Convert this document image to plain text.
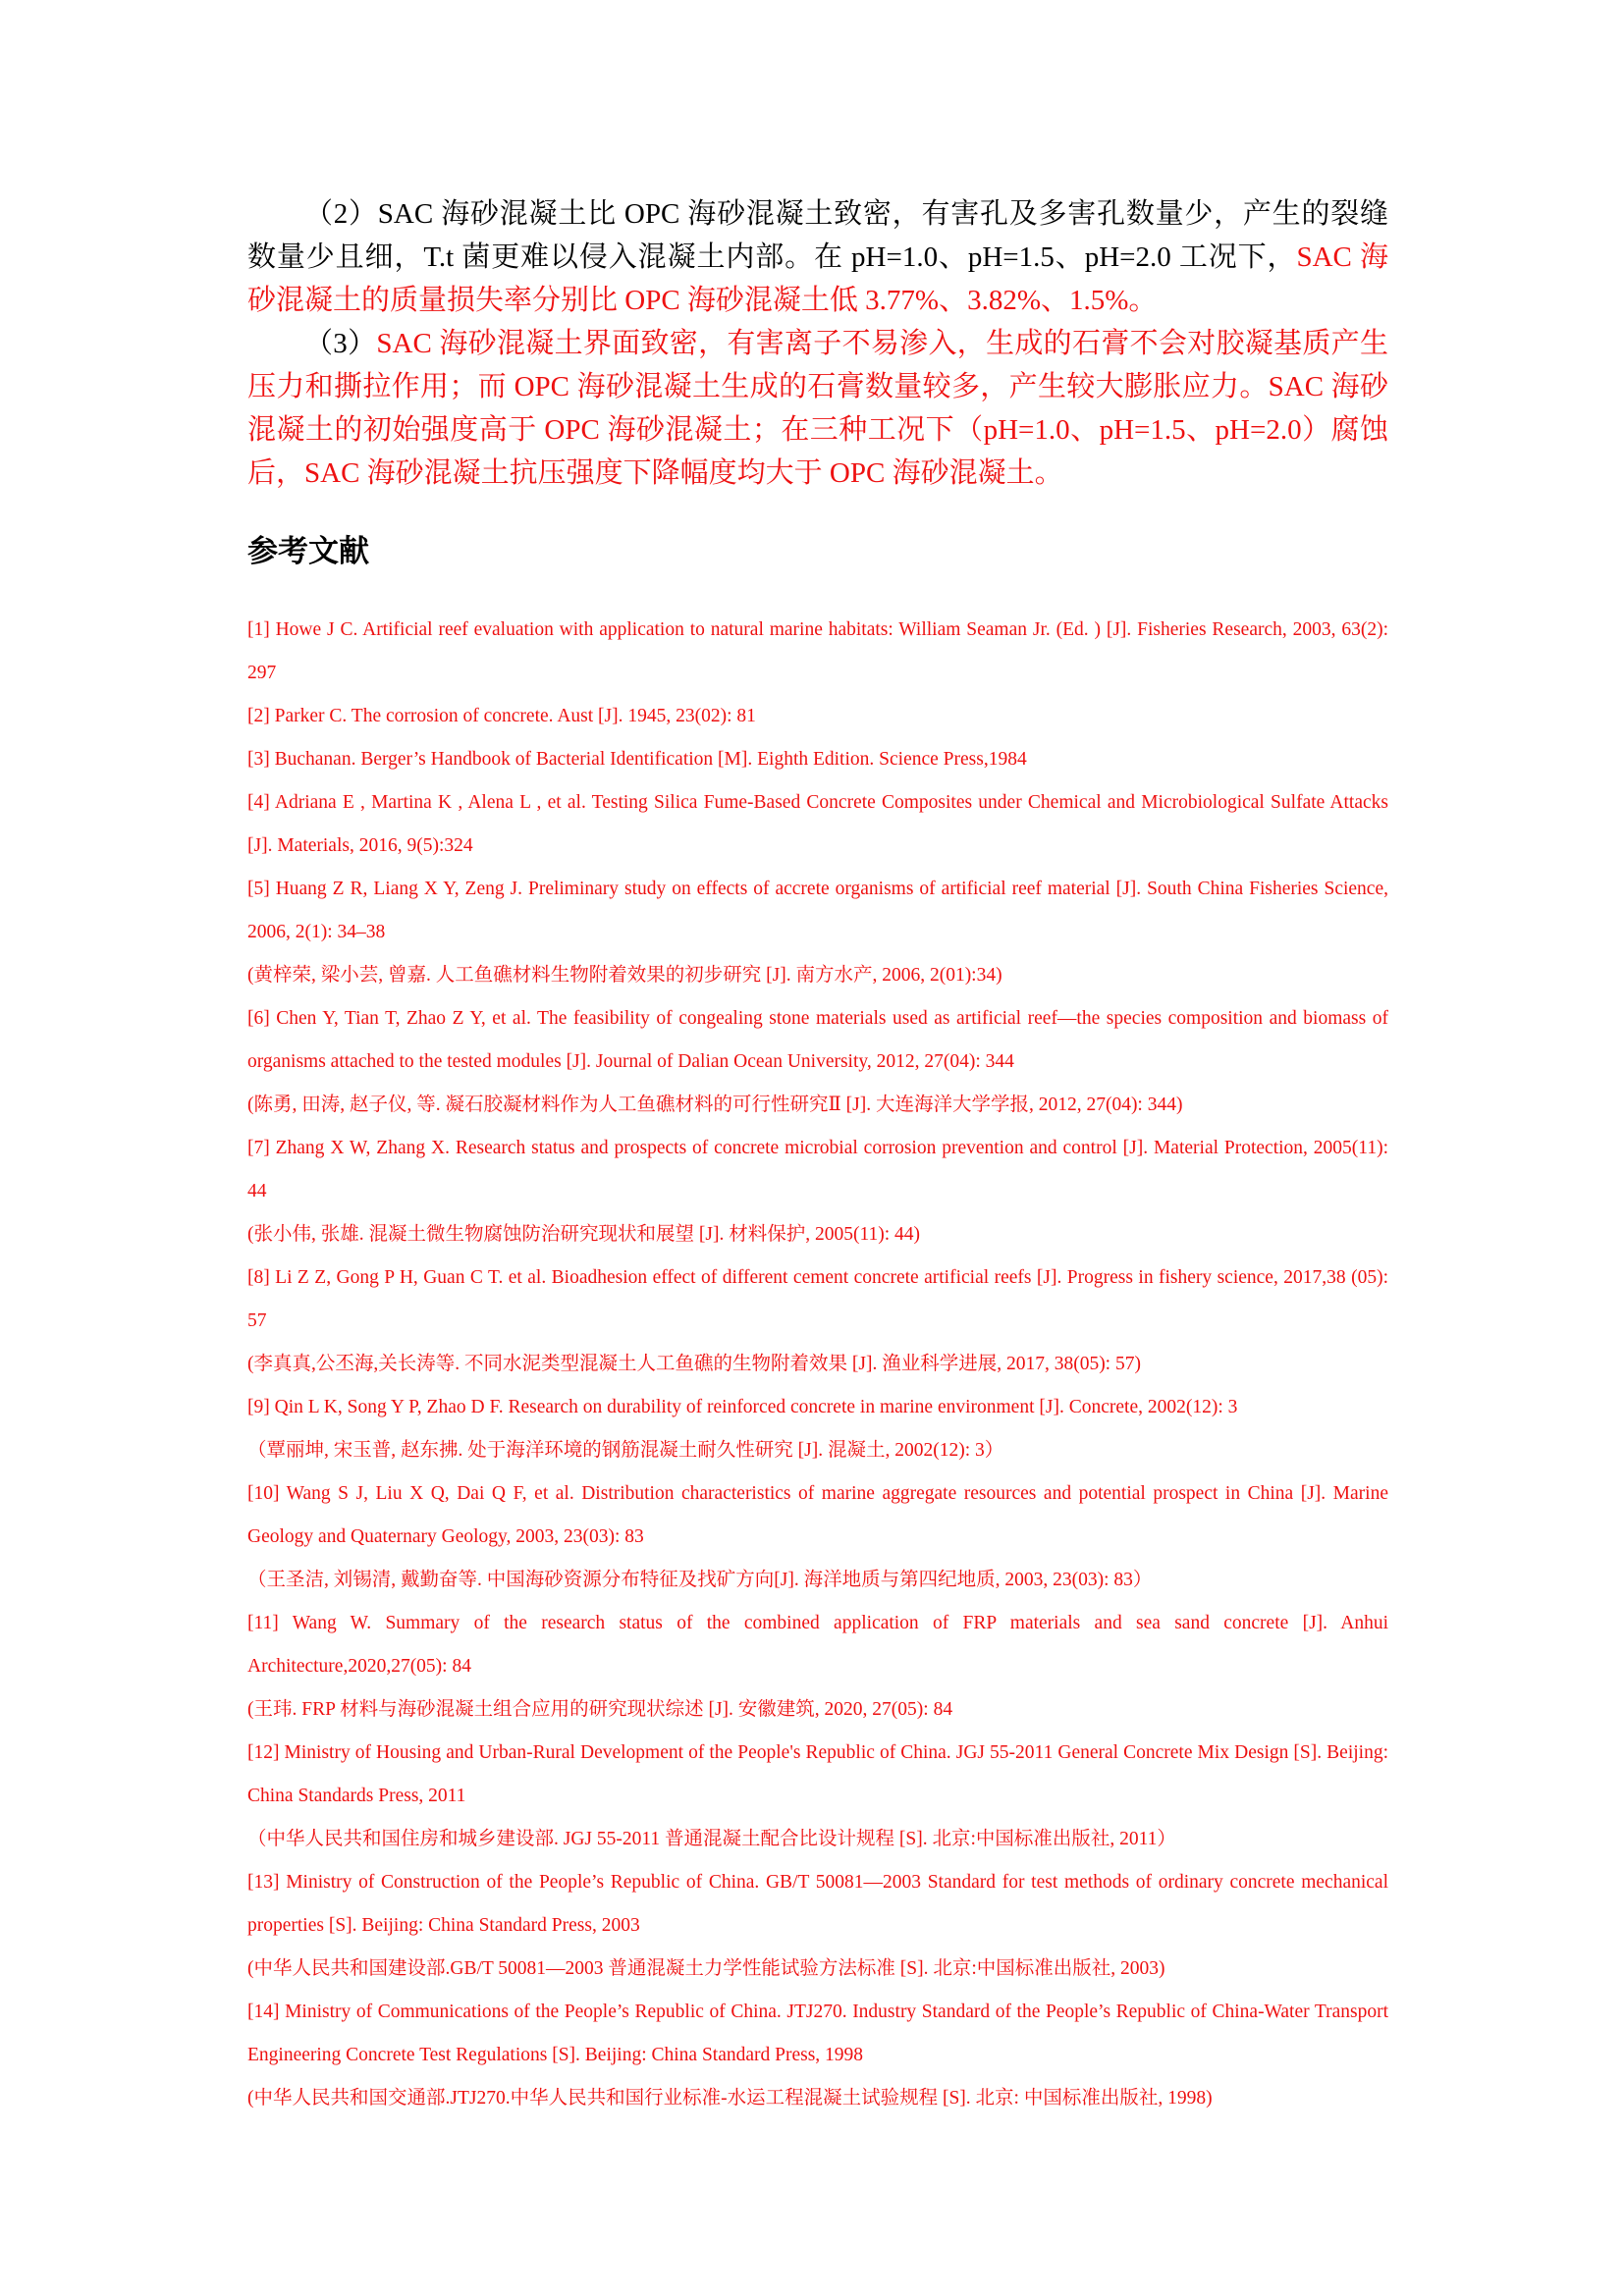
（2）SAC 海砂混凝土比 OPC 海砂混凝土致密，有害孔及多害孔数量少，产生的裂缝数量少且细，T.t 菌更难以侵入混凝土内部。在 pH=1.0、pH=1.5、pH=2.0 工况下，SAC 海砂混凝土的质量损失率分别比 OPC 海砂混凝土低 3.77%、3.82%、1.5%。

（3）SAC 海砂混凝土界面致密，有害离子不易渗入，生成的石膏不会对胶凝基质产生压力和撕拉作用；而 OPC 海砂混凝土生成的石膏数量较多，产生较大膨胀应力。SAC 海砂混凝土的初始强度高于 OPC 海砂混凝土；在三种工况下（pH=1.0、pH=1.5、pH=2.0）腐蚀后，SAC 海砂混凝土抗压强度下降幅度均大于 OPC 海砂混凝土。

参考文献

[1] Howe J C. Artificial reef evaluation with application to natural marine habitats: William Seaman Jr. (Ed. ) [J]. Fisheries Research, 2003, 63(2): 297

[2] Parker C. The corrosion of concrete. Aust [J]. 1945, 23(02): 81

[3] Buchanan. Berger’s Handbook of Bacterial Identification [M]. Eighth Edition. Science Press,1984

[4] Adriana E , Martina K , Alena L , et al. Testing Silica Fume-Based Concrete Composites under Chemical and Microbiological Sulfate Attacks [J]. Materials, 2016, 9(5):324

[5] Huang Z R, Liang X Y, Zeng J. Preliminary study on effects of accrete organisms of artificial reef material [J]. South China Fisheries Science, 2006, 2(1): 34–38

(黄梓荣, 梁小芸, 曾嘉. 人工鱼礁材料生物附着效果的初步研究 [J]. 南方水产, 2006, 2(01):34)

[6] Chen Y, Tian T, Zhao Z Y, et al. The feasibility of congealing stone materials used as artificial reef—the species composition and biomass of organisms attached to the tested modules [J]. Journal of Dalian Ocean University, 2012, 27(04): 344

(陈勇, 田涛, 赵子仪, 等. 凝石胶凝材料作为人工鱼礁材料的可行性研究Ⅱ [J]. 大连海洋大学学报, 2012, 27(04): 344)

[7] Zhang X W, Zhang X. Research status and prospects of concrete microbial corrosion prevention and control [J]. Material Protection, 2005(11): 44

(张小伟, 张雄. 混凝土微生物腐蚀防治研究现状和展望 [J]. 材料保护, 2005(11): 44)

[8] Li Z Z, Gong P H, Guan C T. et al. Bioadhesion effect of different cement concrete artificial reefs [J]. Progress in fishery science, 2017,38 (05): 57

(李真真,公丕海,关长涛等. 不同水泥类型混凝土人工鱼礁的生物附着效果 [J]. 渔业科学进展, 2017, 38(05): 57)

[9] Qin L K, Song Y P, Zhao D F. Research on durability of reinforced concrete in marine environment [J]. Concrete, 2002(12): 3

（覃丽坤, 宋玉普, 赵东拂. 处于海洋环境的钢筋混凝土耐久性研究 [J]. 混凝土, 2002(12): 3）

[10] Wang S J, Liu X Q, Dai Q F, et al. Distribution characteristics of marine aggregate resources and potential prospect in China [J]. Marine Geology and Quaternary Geology, 2003, 23(03): 83

（王圣洁, 刘锡清, 戴勤奋等. 中国海砂资源分布特征及找矿方向[J]. 海洋地质与第四纪地质, 2003, 23(03): 83）

[11] Wang W. Summary of the research status of the combined application of FRP materials and sea sand concrete [J]. Anhui Architecture,2020,27(05): 84

(王玮. FRP 材料与海砂混凝土组合应用的研究现状综述 [J]. 安徽建筑, 2020, 27(05): 84

[12] Ministry of Housing and Urban-Rural Development of the People's Republic of China. JGJ 55-2011 General Concrete Mix Design [S]. Beijing: China Standards Press, 2011

（中华人民共和国住房和城乡建设部. JGJ 55-2011 普通混凝土配合比设计规程 [S]. 北京:中国标准出版社, 2011）

[13] Ministry of Construction of the People’s Republic of China. GB/T 50081—2003 Standard for test methods of ordinary concrete mechanical properties [S]. Beijing: China Standard Press, 2003

(中华人民共和国建设部.GB/T 50081—2003 普通混凝土力学性能试验方法标准 [S]. 北京:中国标准出版社, 2003)

[14] Ministry of Communications of the People’s Republic of China. JTJ270. Industry Standard of the People’s Republic of China-Water Transport Engineering Concrete Test Regulations [S]. Beijing: China Standard Press, 1998

(中华人民共和国交通部.JTJ270.中华人民共和国行业标准-水运工程混凝土试验规程 [S]. 北京: 中国标准出版社, 1998)
